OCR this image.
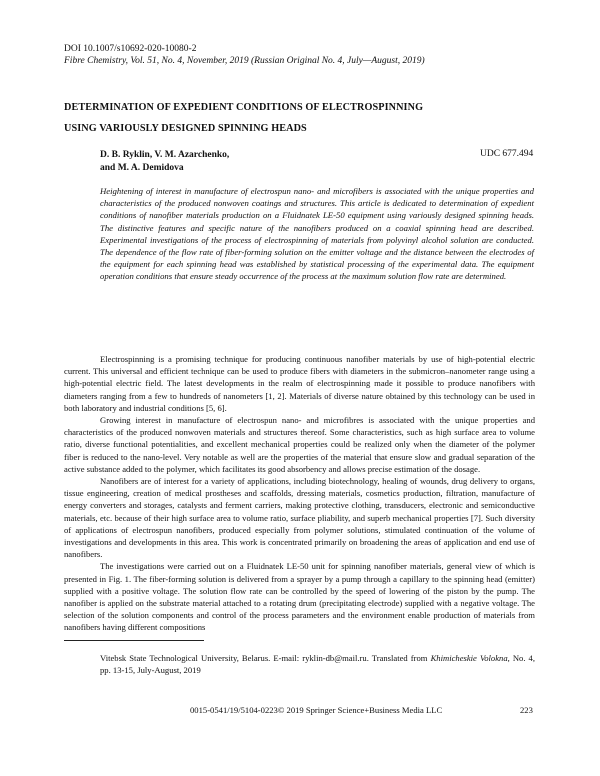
DOI 10.1007/s10692-020-10080-2
Fibre Chemistry, Vol. 51, No. 4, November, 2019 (Russian Original No. 4, July—August, 2019)
DETERMINATION OF EXPEDIENT CONDITIONS OF ELECTROSPINNING
USING VARIOUSLY DESIGNED SPINNING HEADS
D. B. Ryklin, V. M. Azarchenko,
and M. A. Demidova
UDC 677.494
Heightening of interest in manufacture of electrospun nano- and microfibers is associated with the unique properties and characteristics of the produced nonwoven coatings and structures. This article is dedicated to determination of expedient conditions of nanofiber materials production on a Fluidnatek LE-50 equipment using variously designed spinning heads. The distinctive features and specific nature of the nanofibers produced on a coaxial spinning head are described. Experimental investigations of the process of electrospinning of materials from polyvinyl alcohol solution are conducted. The dependence of the flow rate of fiber-forming solution on the emitter voltage and the distance between the electrodes of the equipment for each spinning head was established by statistical processing of the experimental data. The equipment operation conditions that ensure steady occurrence of the process at the maximum solution flow rate are determined.

Electrospinning is a promising technique for producing continuous nanofiber materials by use of high-potential electric current. This universal and efficient technique can be used to produce fibers with diameters in the submicron–nanometer range using a high-potential electric field. The latest developments in the realm of electrospinning made it possible to produce nanofibers with diameters ranging from a few to hundreds of nanometers [1, 2]. Materials of diverse nature obtained by this technology can be used in both laboratory and industrial conditions [5, 6].

Growing interest in manufacture of electrospun nano- and microfibres is associated with the unique properties and characteristics of the produced nonwoven materials and structures thereof. Some characteristics, such as high surface area to volume ratio, diverse functional potentialities, and excellent mechanical properties could be realized only when the diameter of the polymer fiber is reduced to the nano-level. Very notable as well are the properties of the material that ensure slow and gradual separation of the active substance added to the polymer, which facilitates its good absorbency and allows precise estimation of the dosage.

Nanofibers are of interest for a variety of applications, including biotechnology, healing of wounds, drug delivery to organs, tissue engineering, creation of medical prostheses and scaffolds, dressing materials, cosmetics production, filtration, manufacture of energy converters and storages, catalysts and ferment carriers, making protective clothing, transducers, electronic and semiconductive materials, etc. because of their high surface area to volume ratio, surface pliability, and superb mechanical properties [7]. Such diversity of applications of electrospun nanofibers, produced especially from polymer solutions, stimulated continuation of the volume of investigations and developments in this area. This work is concentrated primarily on broadening the areas of application and end use of nanofibers.

The investigations were carried out on a Fluidnatek LE-50 unit for spinning nanofiber materials, general view of which is presented in Fig. 1. The fiber-forming solution is delivered from a sprayer by a pump through a capillary to the spinning head (emitter) supplied with a positive voltage. The solution flow rate can be controlled by the speed of lowering of the piston by the pump. The nanofiber is applied on the substrate material attached to a rotating drum (precipitating electrode) supplied with a negative voltage. The selection of the solution components and control of the process parameters and the environment enable production of materials from nanofibers having different compositions

Vitebsk State Technological University, Belarus. E-mail: ryklin-db@mail.ru. Translated from Khimicheskie Volokna, No. 4, pp. 13-15, July-August, 2019

0015-0541/19/5104-0223© 2019 Springer Science+Business Media LLC	223
